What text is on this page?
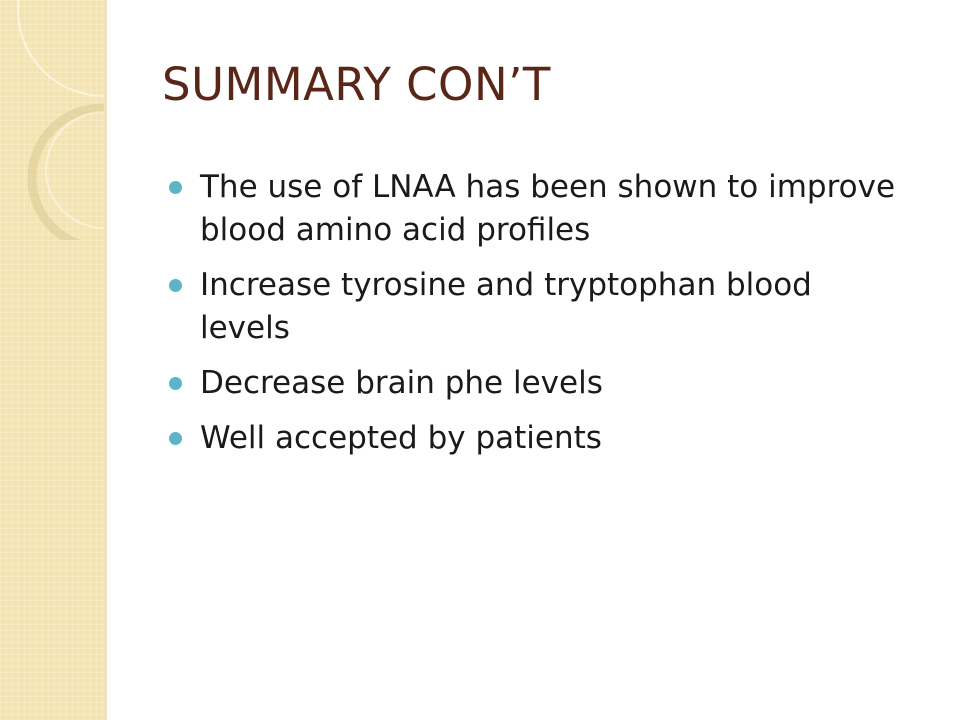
SUMMARY CON’T
The use of LNAA has been shown to improve blood amino acid profiles
Increase tyrosine and tryptophan blood levels
Decrease brain phe levels
Well accepted by patients
